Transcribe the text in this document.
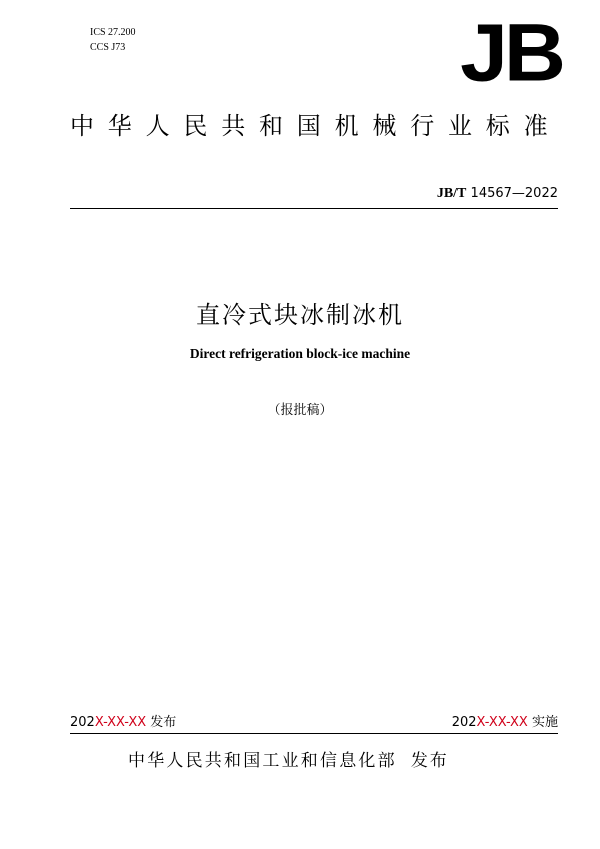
ICS 27.200
CCS J73	JB
中华人民共和国机械行业标准
JB/T 14567—2022
直冷式块冰制冰机
Direct refrigeration block-ice machine
（报批稿）
202X-XX-XX 发布	202X-XX-XX 实施
中华人民共和国工业和信息化部 发布
